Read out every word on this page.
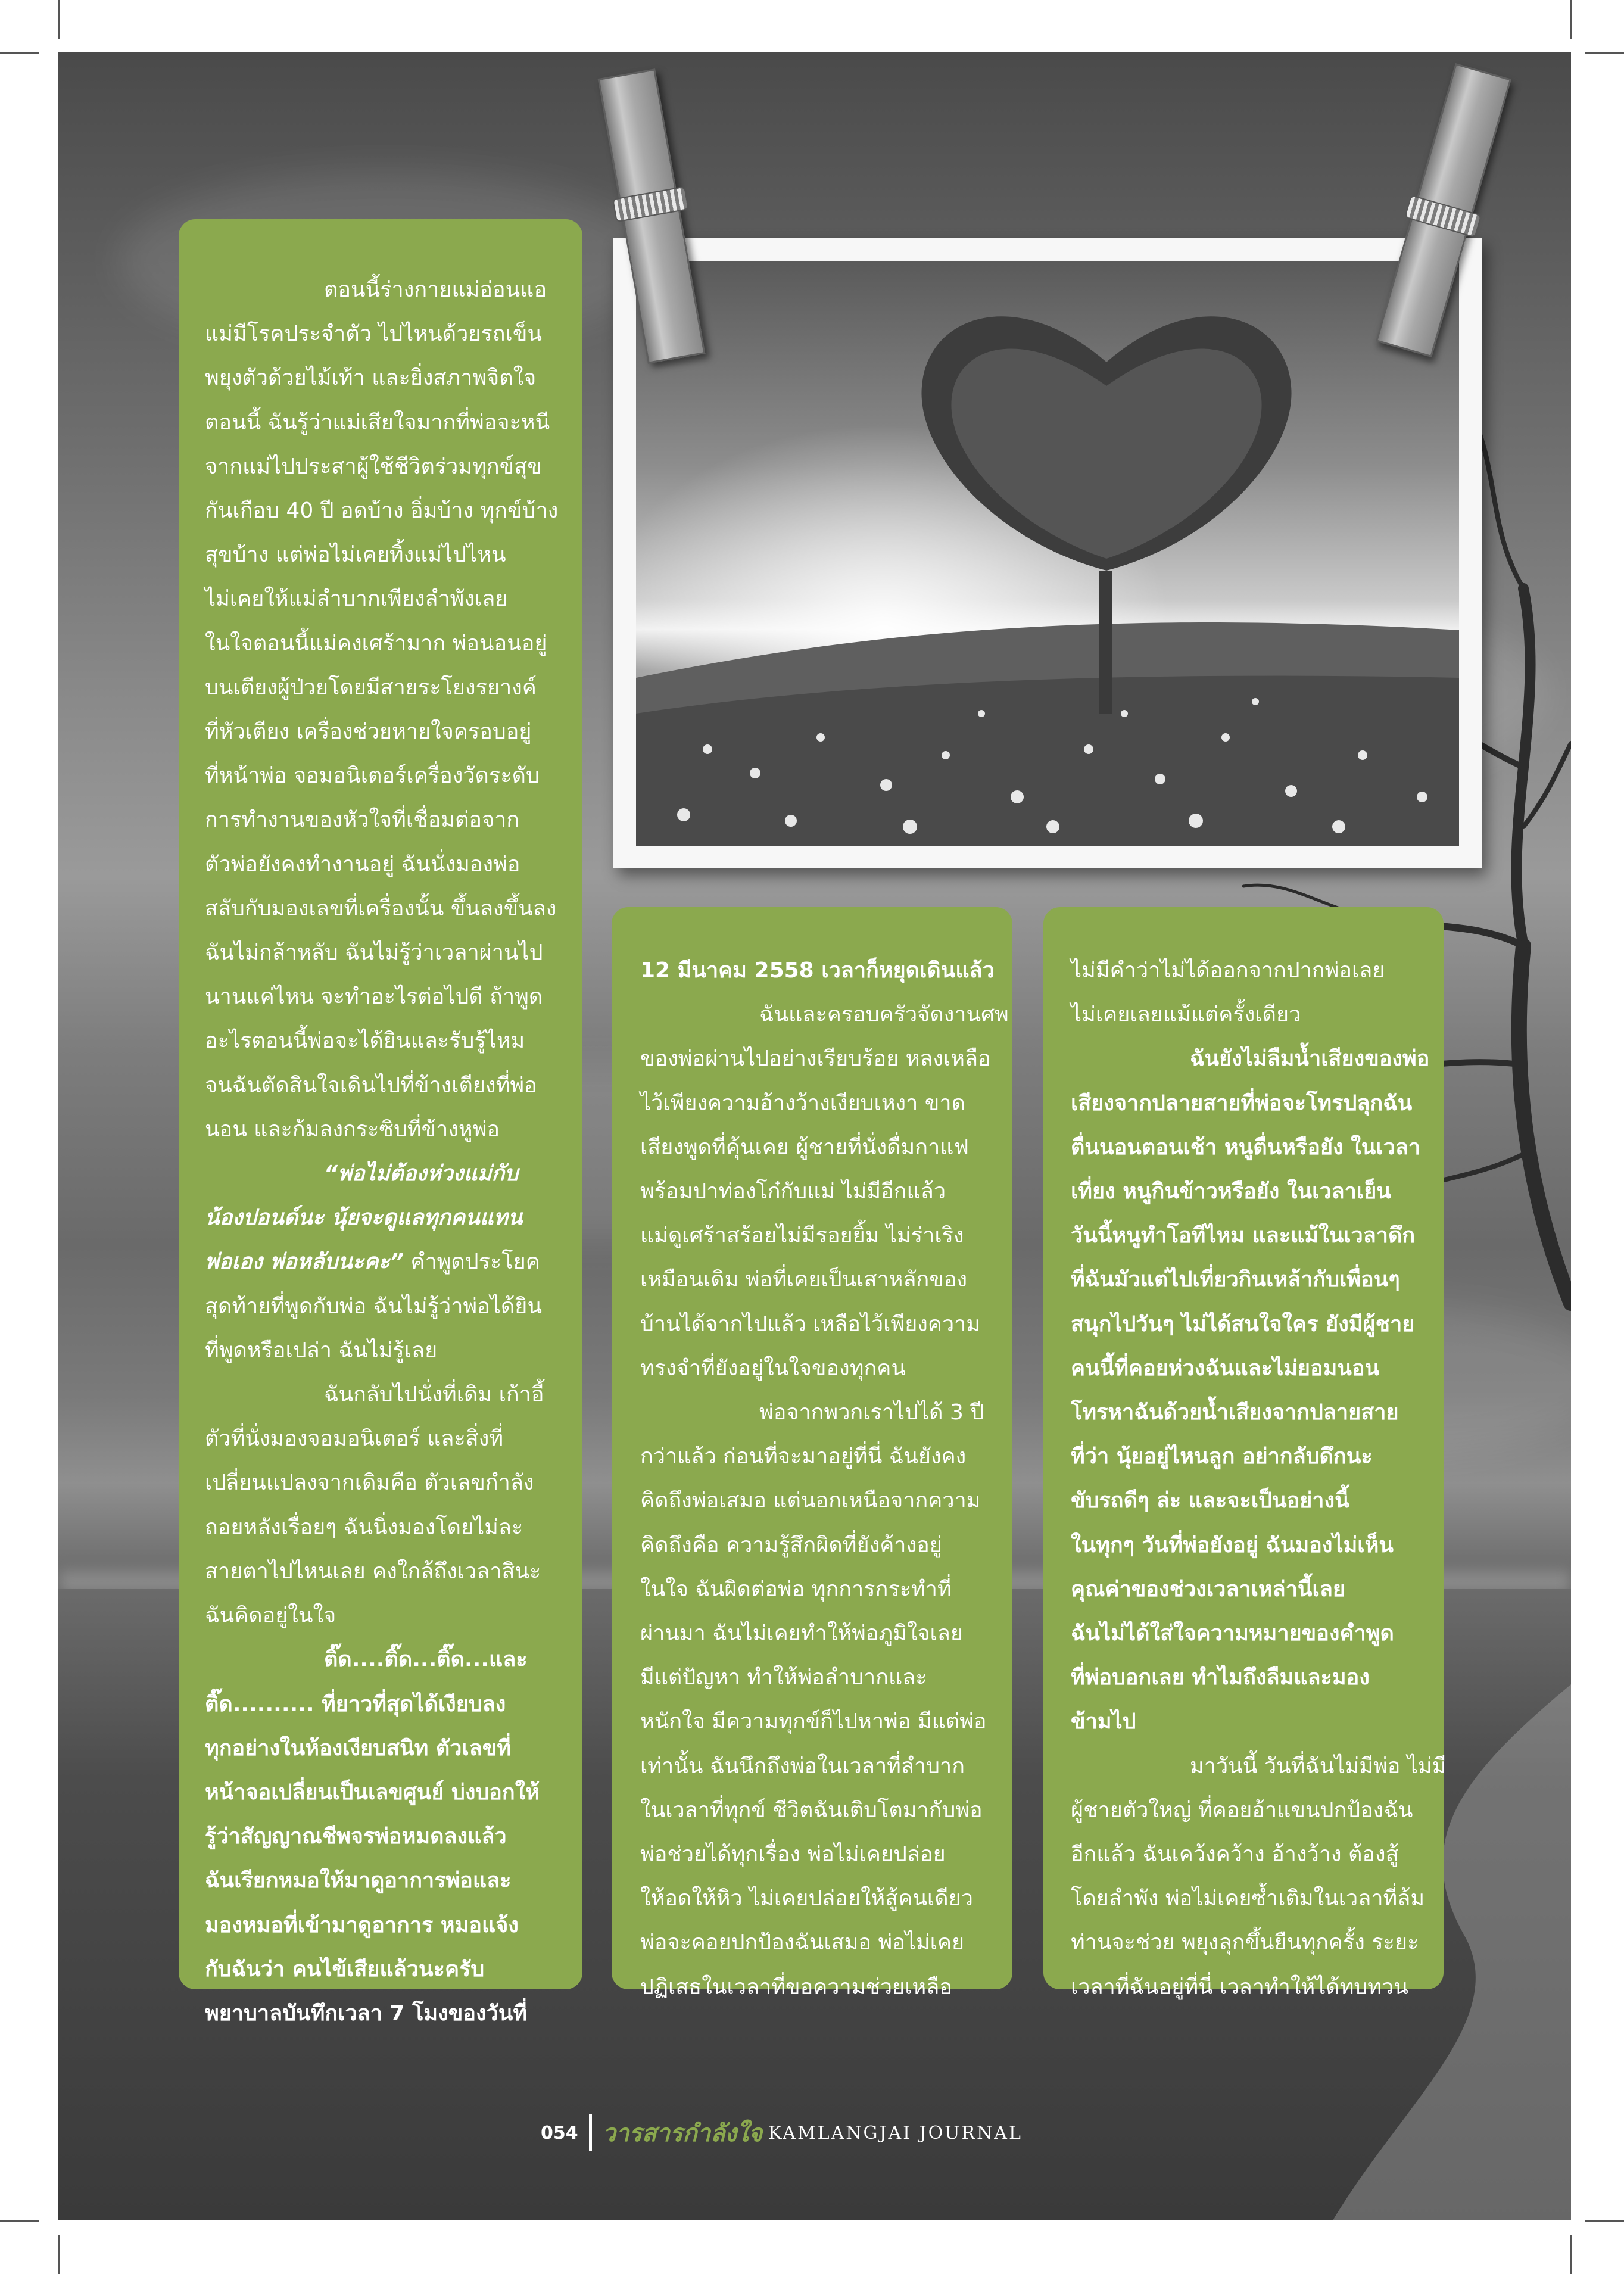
ตอนนี้ร่างกายแม่อ่อนแอ

แม่มีโรคประจำตัว ไปไหนด้วยรถเข็น

พยุงตัวด้วยไม้เท้า และยิ่งสภาพจิตใจ

ตอนนี้ ฉันรู้ว่าแม่เสียใจมากที่พ่อจะหนี

จากแม่ไปประสาผู้ใช้ชีวิตร่วมทุกข์สุข

กันเกือบ 40 ปี อดบ้าง อิ่มบ้าง ทุกข์บ้าง

สุขบ้าง แต่พ่อไม่เคยทิ้งแม่ไปไหน

ไม่เคยให้แม่ลำบากเพียงลำพังเลย

ในใจตอนนี้แม่คงเศร้ามาก พ่อนอนอยู่

บนเตียงผู้ป่วยโดยมีสายระโยงรยางค์

ที่หัวเตียง เครื่องช่วยหายใจครอบอยู่

ที่หน้าพ่อ จอมอนิเตอร์เครื่องวัดระดับ

การทำงานของหัวใจที่เชื่อมต่อจาก

ตัวพ่อยังคงทำงานอยู่ ฉันนั่งมองพ่อ

สลับกับมองเลขที่เครื่องนั้น ขึ้นลงขึ้นลง

ฉันไม่กล้าหลับ ฉันไม่รู้ว่าเวลาผ่านไป

นานแค่ไหน จะทำอะไรต่อไปดี ถ้าพูด

อะไรตอนนี้พ่อจะได้ยินและรับรู้ไหม

จนฉันตัดสินใจเดินไปที่ข้างเตียงที่พ่อ

นอน และก้มลงกระซิบที่ข้างหูพ่อ

“พ่อไม่ต้องห่วงแม่กับ

น้องปอนด์นะ นุ้ยจะดูแลทุกคนแทน

พ่อเอง พ่อหลับนะคะ” คำพูดประโยค

สุดท้ายที่พูดกับพ่อ ฉันไม่รู้ว่าพ่อได้ยิน

ที่พูดหรือเปล่า ฉันไม่รู้เลย

ฉันกลับไปนั่งที่เดิม เก้าอี้

ตัวที่นั่งมองจอมอนิเตอร์ และสิ่งที่

เปลี่ยนแปลงจากเดิมคือ ตัวเลขกำลัง

ถอยหลังเรื่อยๆ ฉันนิ่งมองโดยไม่ละ

สายตาไปไหนเลย คงใกล้ถึงเวลาสินะ

ฉันคิดอยู่ในใจ

ติ๊ด....ติ๊ด...ติ๊ด...และ

ติ๊ด.......... ที่ยาวที่สุดได้เงียบลง

ทุกอย่างในห้องเงียบสนิท ตัวเลขที่

หน้าจอเปลี่ยนเป็นเลขศูนย์ บ่งบอกให้

รู้ว่าสัญญาณชีพจรพ่อหมดลงแล้ว

ฉันเรียกหมอให้มาดูอาการพ่อและ

มองหมอที่เข้ามาดูอาการ หมอแจ้ง

กับฉันว่า คนไข้เสียแล้วนะครับ

พยาบาลบันทึกเวลา 7 โมงของวันที่

12 มีนาคม 2558 เวลาก็หยุดเดินแล้ว

ฉันและครอบครัวจัดงานศพ

ของพ่อผ่านไปอย่างเรียบร้อย หลงเหลือ

ไว้เพียงความอ้างว้างเงียบเหงา ขาด

เสียงพูดที่คุ้นเคย ผู้ชายที่นั่งดื่มกาแฟ

พร้อมปาท่องโก๋กับแม่ ไม่มีอีกแล้ว

แม่ดูเศร้าสร้อยไม่มีรอยยิ้ม ไม่ร่าเริง

เหมือนเดิม พ่อที่เคยเป็นเสาหลักของ

บ้านได้จากไปแล้ว เหลือไว้เพียงความ

ทรงจำที่ยังอยู่ในใจของทุกคน

พ่อจากพวกเราไปได้ 3 ปี

กว่าแล้ว ก่อนที่จะมาอยู่ที่นี่ ฉันยังคง

คิดถึงพ่อเสมอ แต่นอกเหนือจากความ

คิดถึงคือ ความรู้สึกผิดที่ยังค้างอยู่

ในใจ ฉันผิดต่อพ่อ ทุกการกระทำที่

ผ่านมา ฉันไม่เคยทำให้พ่อภูมิใจเลย

มีแต่ปัญหา ทำให้พ่อลำบากและ

หนักใจ มีความทุกข์ก็ไปหาพ่อ มีแต่พ่อ

เท่านั้น ฉันนึกถึงพ่อในเวลาที่ลำบาก

ในเวลาที่ทุกข์ ชีวิตฉันเติบโตมากับพ่อ

พ่อช่วยได้ทุกเรื่อง พ่อไม่เคยปล่อย

ให้อดให้หิว ไม่เคยปล่อยให้สู้คนเดียว

พ่อจะคอยปกป้องฉันเสมอ พ่อไม่เคย

ปฏิเสธในเวลาที่ขอความช่วยเหลือ

ไม่มีคำว่าไม่ได้ออกจากปากพ่อเลย

ไม่เคยเลยแม้แต่ครั้งเดียว

ฉันยังไม่ลืมน้ำเสียงของพ่อ

เสียงจากปลายสายที่พ่อจะโทรปลุกฉัน

ตื่นนอนตอนเช้า หนูตื่นหรือยัง ในเวลา

เที่ยง หนูกินข้าวหรือยัง ในเวลาเย็น

วันนี้หนูทำโอทีไหม และแม้ในเวลาดึก

ที่ฉันมัวแต่ไปเที่ยวกินเหล้ากับเพื่อนๆ

สนุกไปวันๆ ไม่ได้สนใจใคร ยังมีผู้ชาย

คนนี้ที่คอยห่วงฉันและไม่ยอมนอน

โทรหาฉันด้วยน้ำเสียงจากปลายสาย

ที่ว่า นุ้ยอยู่ไหนลูก อย่ากลับดึกนะ

ขับรถดีๆ ล่ะ และจะเป็นอย่างนี้

ในทุกๆ วันที่พ่อยังอยู่ ฉันมองไม่เห็น

คุณค่าของช่วงเวลาเหล่านี้เลย

ฉันไม่ได้ใส่ใจความหมายของคำพูด

ที่พ่อบอกเลย ทำไมถึงลืมและมอง

ข้ามไป

มาวันนี้ วันที่ฉันไม่มีพ่อ ไม่มี

ผู้ชายตัวใหญ่ ที่คอยอ้าแขนปกป้องฉัน

อีกแล้ว ฉันเคว้งคว้าง อ้างว้าง ต้องสู้

โดยลำพัง พ่อไม่เคยซ้ำเติมในเวลาที่ล้ม

ท่านจะช่วย พยุงลุกขึ้นยืนทุกครั้ง ระยะ

เวลาที่ฉันอยู่ที่นี่ เวลาทำให้ได้ทบทวน

054 วารสารกำลังใจ KAMLANGJAI JOURNAL
